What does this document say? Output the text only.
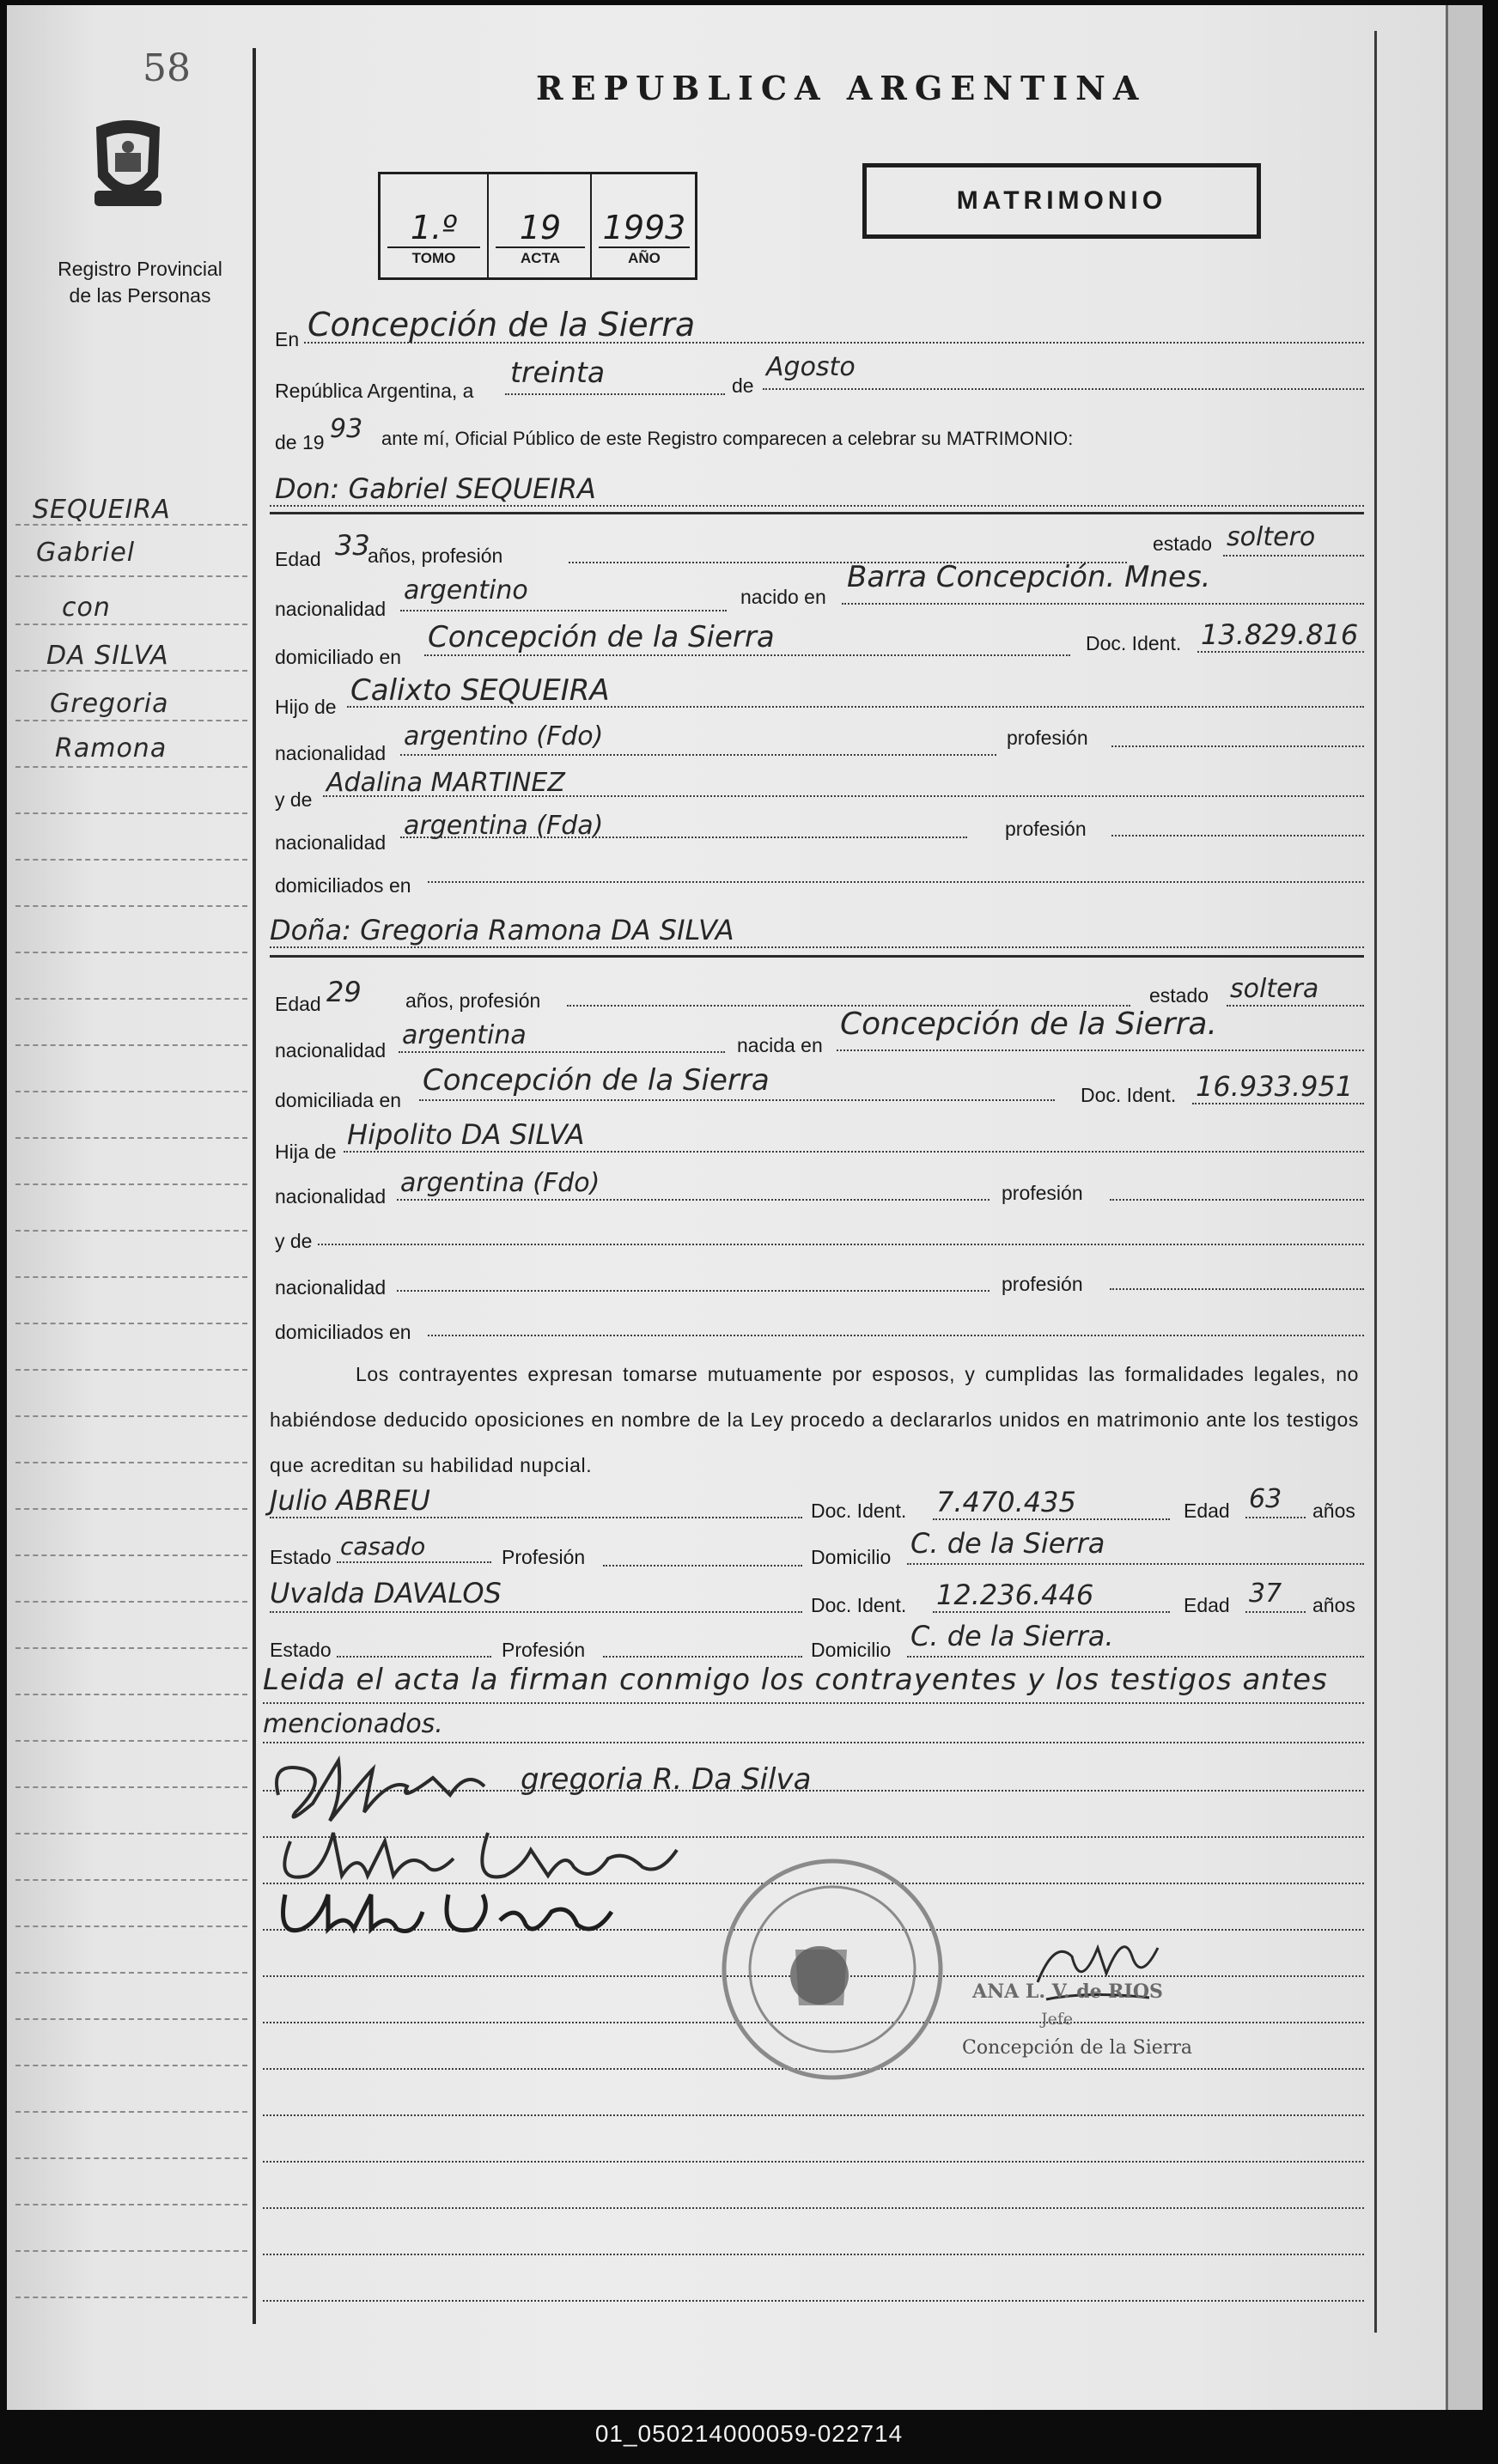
58
Registro Provincial
de las Personas
REPUBLICA ARGENTINA
MATRIMONIO
1.º
TOMO
19
ACTA
1993
AÑO
SEQUEIRA
Gabriel
con
DA SILVA
Gregoria
Ramona
En Concepción de la Sierra
República Argentina, a
treinta	de
Agosto
de 19 93 ante mí, Oficial Público de este Registro comparecen a celebrar su MATRIMONIO:
Don: Gabriel SEQUEIRA
Edad 33
años, profesión
estado soltero
nacionalidad
argentino	nacido en
Barra Concepción. Mnes.
domiciliado en
Concepción de la Sierra	Doc. Ident. 13.829.816
Hijo de Calixto SEQUEIRA
nacionalidad
argentino (Fdo)	profesión
y de
Adalina MARTINEZ
nacionalidad
argentina (Fda)	profesión
domiciliados en
Doña: Gregoria Ramona DA SILVA
Edad 29 años, profesión	estado soltera
nacionalidad argentina	nacida en
Concepción de la Sierra.
domiciliada en
Concepción de la Sierra	Doc. Ident. 16.933.951
Hija de
Hipolito DA SILVA
nacionalidad argentina (Fdo)	profesión
y de
nacionalidad	profesión
domiciliados en
Los contrayentes expresan tomarse mutuamente por esposos, y cumplidas las formalidades legales, no habiéndose deducido oposiciones en nombre de la Ley procedo a declararlos unidos en matrimonio ante los testigos que acreditan su habilidad nupcial.
Julio ABREU	Doc. Ident. 7.470.435	Edad 63 años
Estado casado	Profesión	Domicilio C. de la Sierra
Uvalda DAVALOS	Doc. Ident. 12.236.446	Edad 37 años
Estado	Profesión	Domicilio C. de la Sierra.
Leida el acta la firman conmigo los contrayentes y los testigos antes
mencionados.
gregoria R. Da Silva
ANA L. V. de RIOS
Jefe
Concepción de la Sierra
01_050214000059-022714
